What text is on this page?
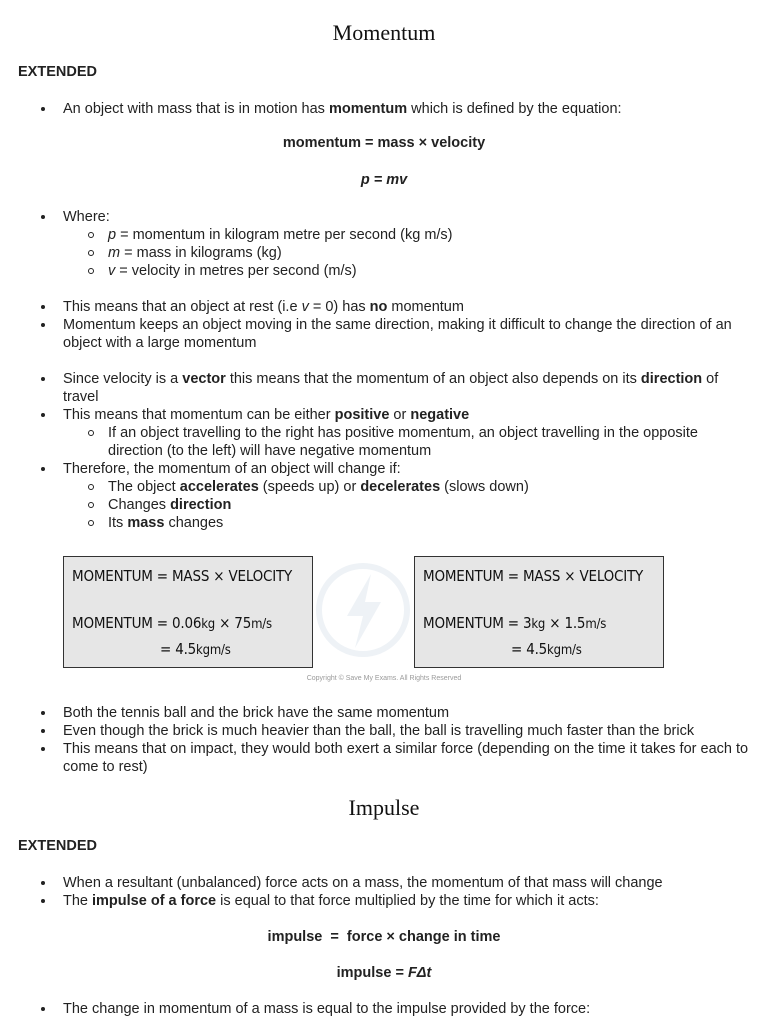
Momentum
EXTENDED
An object with mass that is in motion has momentum which is defined by the equation:
momentum = mass × velocity
p = mv
Where:
p = momentum in kilogram metre per second (kg m/s)
m = mass in kilograms (kg)
v = velocity in metres per second (m/s)
This means that an object at rest (i.e v = 0) has no momentum
Momentum keeps an object moving in the same direction, making it difficult to change the direction of an object with a large momentum
Since velocity is a vector this means that the momentum of an object also depends on its direction of travel
This means that momentum can be either positive or negative
If an object travelling to the right has positive momentum, an object travelling in the opposite direction (to the left) will have negative momentum
Therefore, the momentum of an object will change if:
The object accelerates (speeds up) or decelerates (slows down)
Changes direction
Its mass changes
MOMENTUM = MASS × VELOCITY
MOMENTUM = 0.06kg × 75m/s
= 4.5kgm/s
MOMENTUM = MASS × VELOCITY
MOMENTUM = 3kg × 1.5m/s
= 4.5kgm/s
Copyright © Save My Exams. All Rights Reserved
Both the tennis ball and the brick have the same momentum
Even though the brick is much heavier than the ball, the ball is travelling much faster than the brick
This means that on impact, they would both exert a similar force (depending on the time it takes for each to come to rest)
Impulse
EXTENDED
When a resultant (unbalanced) force acts on a mass, the momentum of that mass will change
The impulse of a force is equal to that force multiplied by the time for which it acts:
impulse  =  force × change in time
impulse = FΔt
The change in momentum of a mass is equal to the impulse provided by the force:
